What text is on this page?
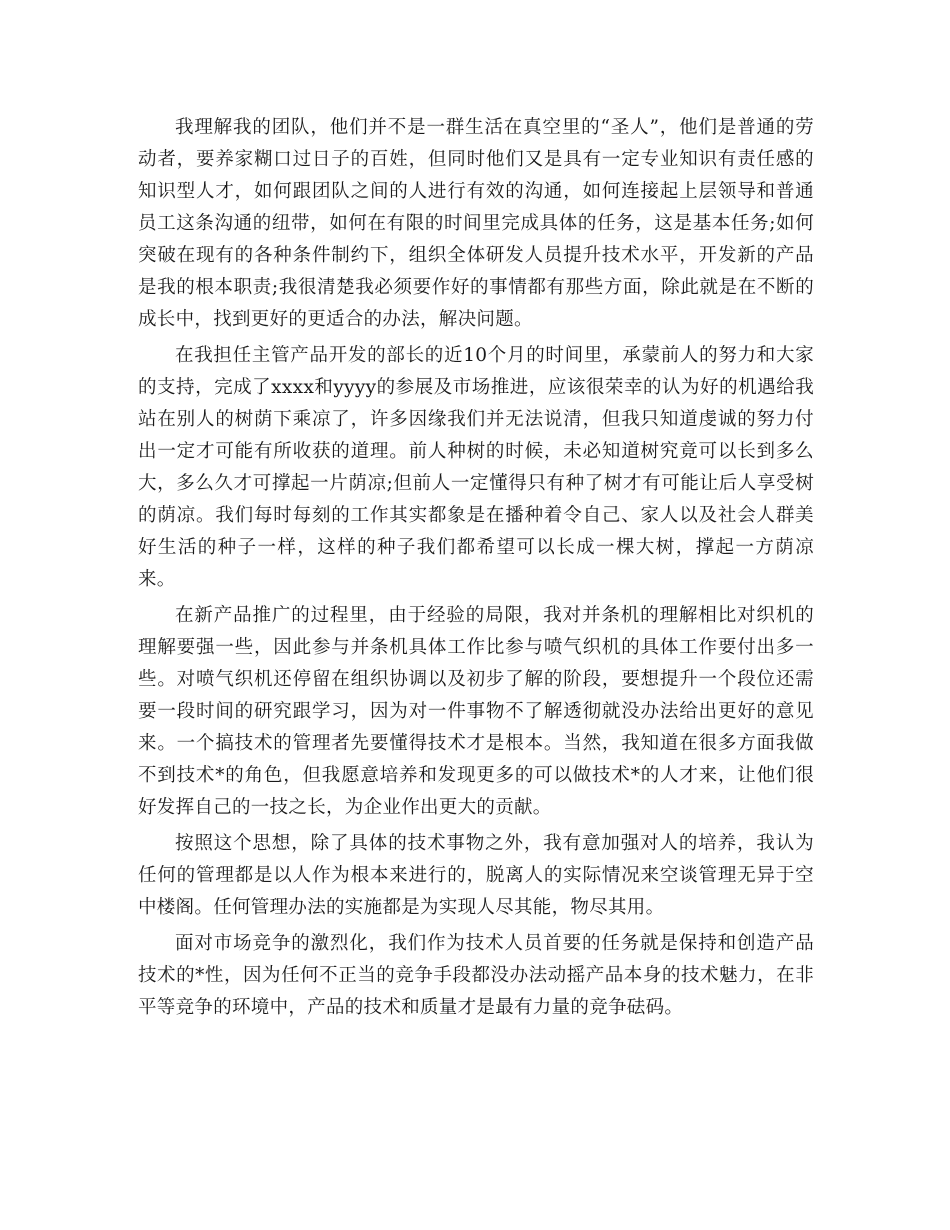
我理解我的团队，他们并不是一群生活在真空里的“圣人”，他们是普通的劳动者，要养家糊口过日子的百姓，但同时他们又是具有一定专业知识有责任感的知识型人才，如何跟团队之间的人进行有效的沟通，如何连接起上层领导和普通员工这条沟通的纽带，如何在有限的时间里完成具体的任务，这是基本任务;如何突破在现有的各种条件制约下，组织全体研发人员提升技术水平，开发新的产品是我的根本职责;我很清楚我必须要作好的事情都有那些方面，除此就是在不断的成长中，找到更好的更适合的办法，解决问题。

在我担任主管产品开发的部长的近10个月的时间里，承蒙前人的努力和大家的支持，完成了xxxx和yyyy的参展及市场推进，应该很荣幸的认为好的机遇给我站在别人的树荫下乘凉了，许多因缘我们并无法说清，但我只知道虔诚的努力付出一定才可能有所收获的道理。前人种树的时候，未必知道树究竟可以长到多么大，多么久才可撑起一片荫凉;但前人一定懂得只有种了树才有可能让后人享受树的荫凉。我们每时每刻的工作其实都象是在播种着令自己、家人以及社会人群美好生活的种子一样，这样的种子我们都希望可以长成一棵大树，撑起一方荫凉来。

在新产品推广的过程里，由于经验的局限，我对并条机的理解相比对织机的理解要强一些，因此参与并条机具体工作比参与喷气织机的具体工作要付出多一些。对喷气织机还停留在组织协调以及初步了解的阶段，要想提升一个段位还需要一段时间的研究跟学习，因为对一件事物不了解透彻就没办法给出更好的意见来。一个搞技术的管理者先要懂得技术才是根本。当然，我知道在很多方面我做不到技术*的角色，但我愿意培养和发现更多的可以做技术*的人才来，让他们很好发挥自己的一技之长，为企业作出更大的贡献。

按照这个思想，除了具体的技术事物之外，我有意加强对人的培养，我认为任何的管理都是以人作为根本来进行的，脱离人的实际情况来空谈管理无异于空中楼阁。任何管理办法的实施都是为实现人尽其能，物尽其用。

面对市场竞争的激烈化，我们作为技术人员首要的任务就是保持和创造产品技术的*性，因为任何不正当的竞争手段都没办法动摇产品本身的技术魅力，在非平等竞争的环境中，产品的技术和质量才是最有力量的竞争砝码。
